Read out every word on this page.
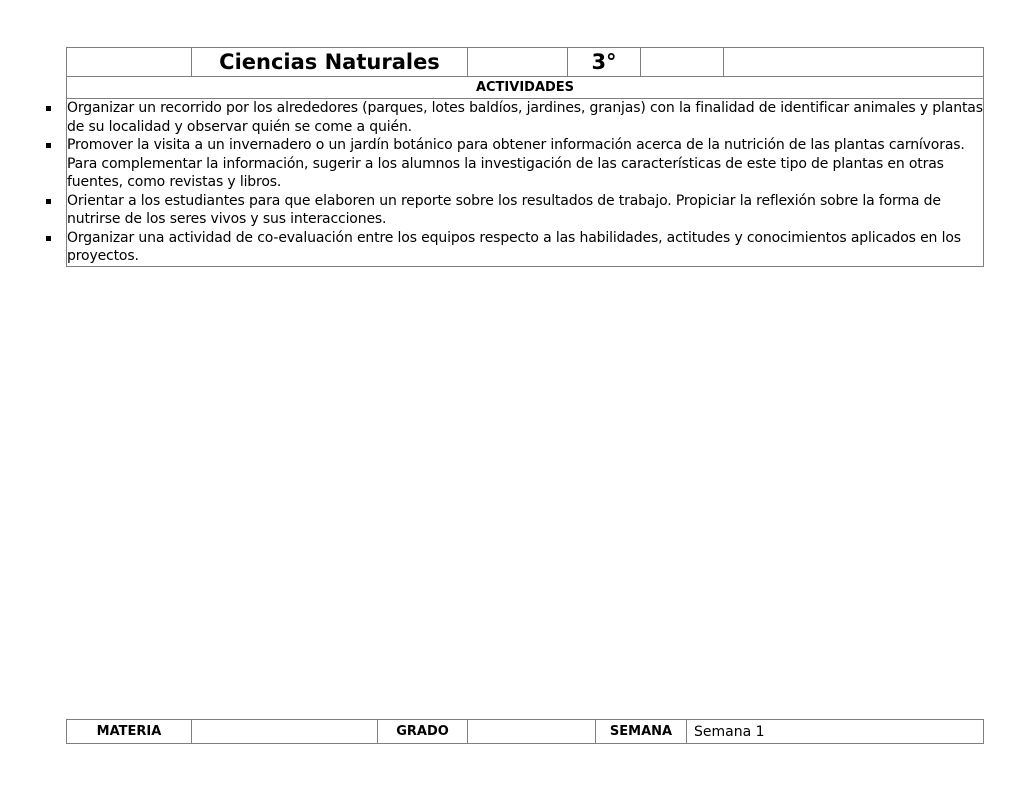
	Ciencias Naturales		3°		
ACTIVIDADES

Organizar un recorrido por los alrededores (parques, lotes baldíos, jardines, granjas) con la finalidad de identificar animales y plantas de su localidad y observar quién se come a quién.
Promover la visita a un invernadero o un jardín botánico para obtener información acerca de la nutrición de las plantas carnívoras. Para complementar la información, sugerir a los alumnos la investigación de las características de este tipo de plantas en otras fuentes, como revistas y libros.
Orientar a los estudiantes para que elaboren un reporte sobre los resultados de trabajo. Propiciar la reflexión sobre la forma de nutrirse de los seres vivos y sus interacciones.
Organizar una actividad de co-evaluación entre los equipos respecto a las habilidades, actitudes y conocimientos aplicados en los proyectos.
MATERIA		GRADO		SEMANA	Semana 1
